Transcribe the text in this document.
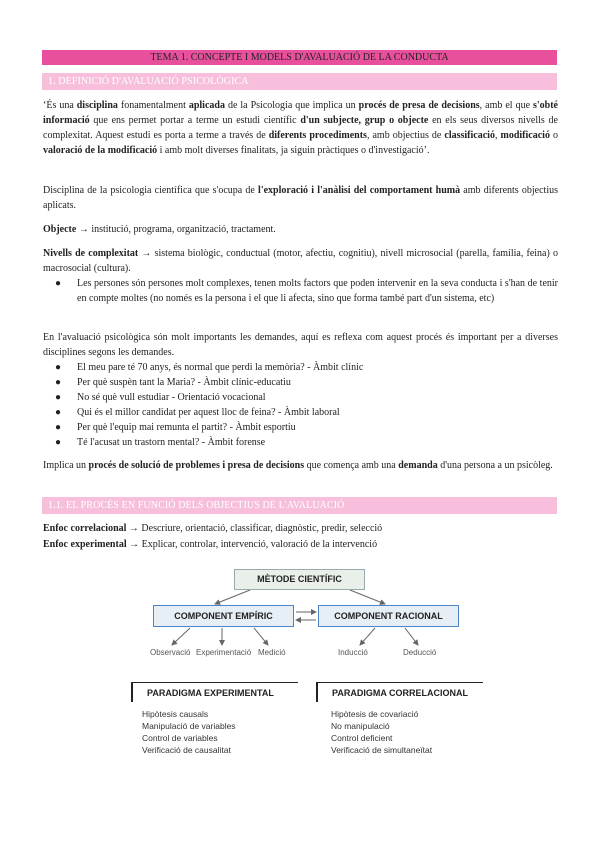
TEMA 1. CONCEPTE I MODELS D'AVALUACIÓ DE LA CONDUCTA
1. DEFINICIÓ D'AVALUACIÓ PSICOLÒGICA

‘És una disciplina fonamentalment aplicada de la Psicologia que implica un procés de presa de decisions, amb el que s'obté informació que ens permet portar a terme un estudi científic d'un subjecte, grup o objecte en els seus diversos nivells de complexitat. Aquest estudi es porta a terme a través de diferents procediments, amb objectius de classificació, modificació o valoració de la modificació i amb molt diverses finalitats, ja siguin pràctiques o d'investigació’.

Disciplina de la psicologia científica que s'ocupa de l'exploració i l'anàlisi del comportament humà amb diferents objectius aplicats.

Objecte → institució, programa, organització, tractament.

Nivells de complexitat → sistema biològic, conductual (motor, afectiu, cognitiu), nivell microsocial (parella, família, feina) o macrosocial (cultura).

● Les persones són persones molt complexes, tenen molts factors que poden intervenir en la seva conducta i s'han de tenir en compte moltes (no només es la persona i el que li afecta, sino que forma també part d'un sistema, etc)

En l'avaluació psicològica són molt importants les demandes, aquí es reflexa com aquest procés és important per a diverses disciplines segons les demandes.

● El meu pare té 70 anys, és normal que perdi la memòria? - Àmbit clínic
● Per què suspèn tant la Maria? - Àmbit clínic-educatiu
● No sé què vull estudiar - Orientació vocacional
● Qui és el millor candidat per aquest lloc de feina? - Àmbit laboral
● Per què l'equip mai remunta el partit? - Àmbit esportiu
● Té l'acusat un trastorn mental? - Àmbit forense

Implica un procés de solució de problemes i presa de decisions que comença amb una demanda d'una persona a un psicòleg.

1.1. EL PROCÉS EN FUNCIÓ DELS OBJECTIUS DE L'AVALUACIÓ

Enfoc correlacional → Descriure, orientació, classificar, diagnòstic, predir, selecció

Enfoc experimental → Explicar, controlar, intervenció, valoració de la intervenció

MÈTODE CIENTÍFIC
COMPONENT EMPÍRIC	COMPONENT RACIONAL
Observació Experimentació Medició	Inducció	Deducció
PARADIGMA EXPERIMENTAL	PARADIGMA CORRELACIONAL
Hipòtesis causals
Manipulació de variables
Control de variables
Verificació de causalitat
Hipòtesis de covariació
No manipulació
Control deficient
Verificació de simultaneïtat
